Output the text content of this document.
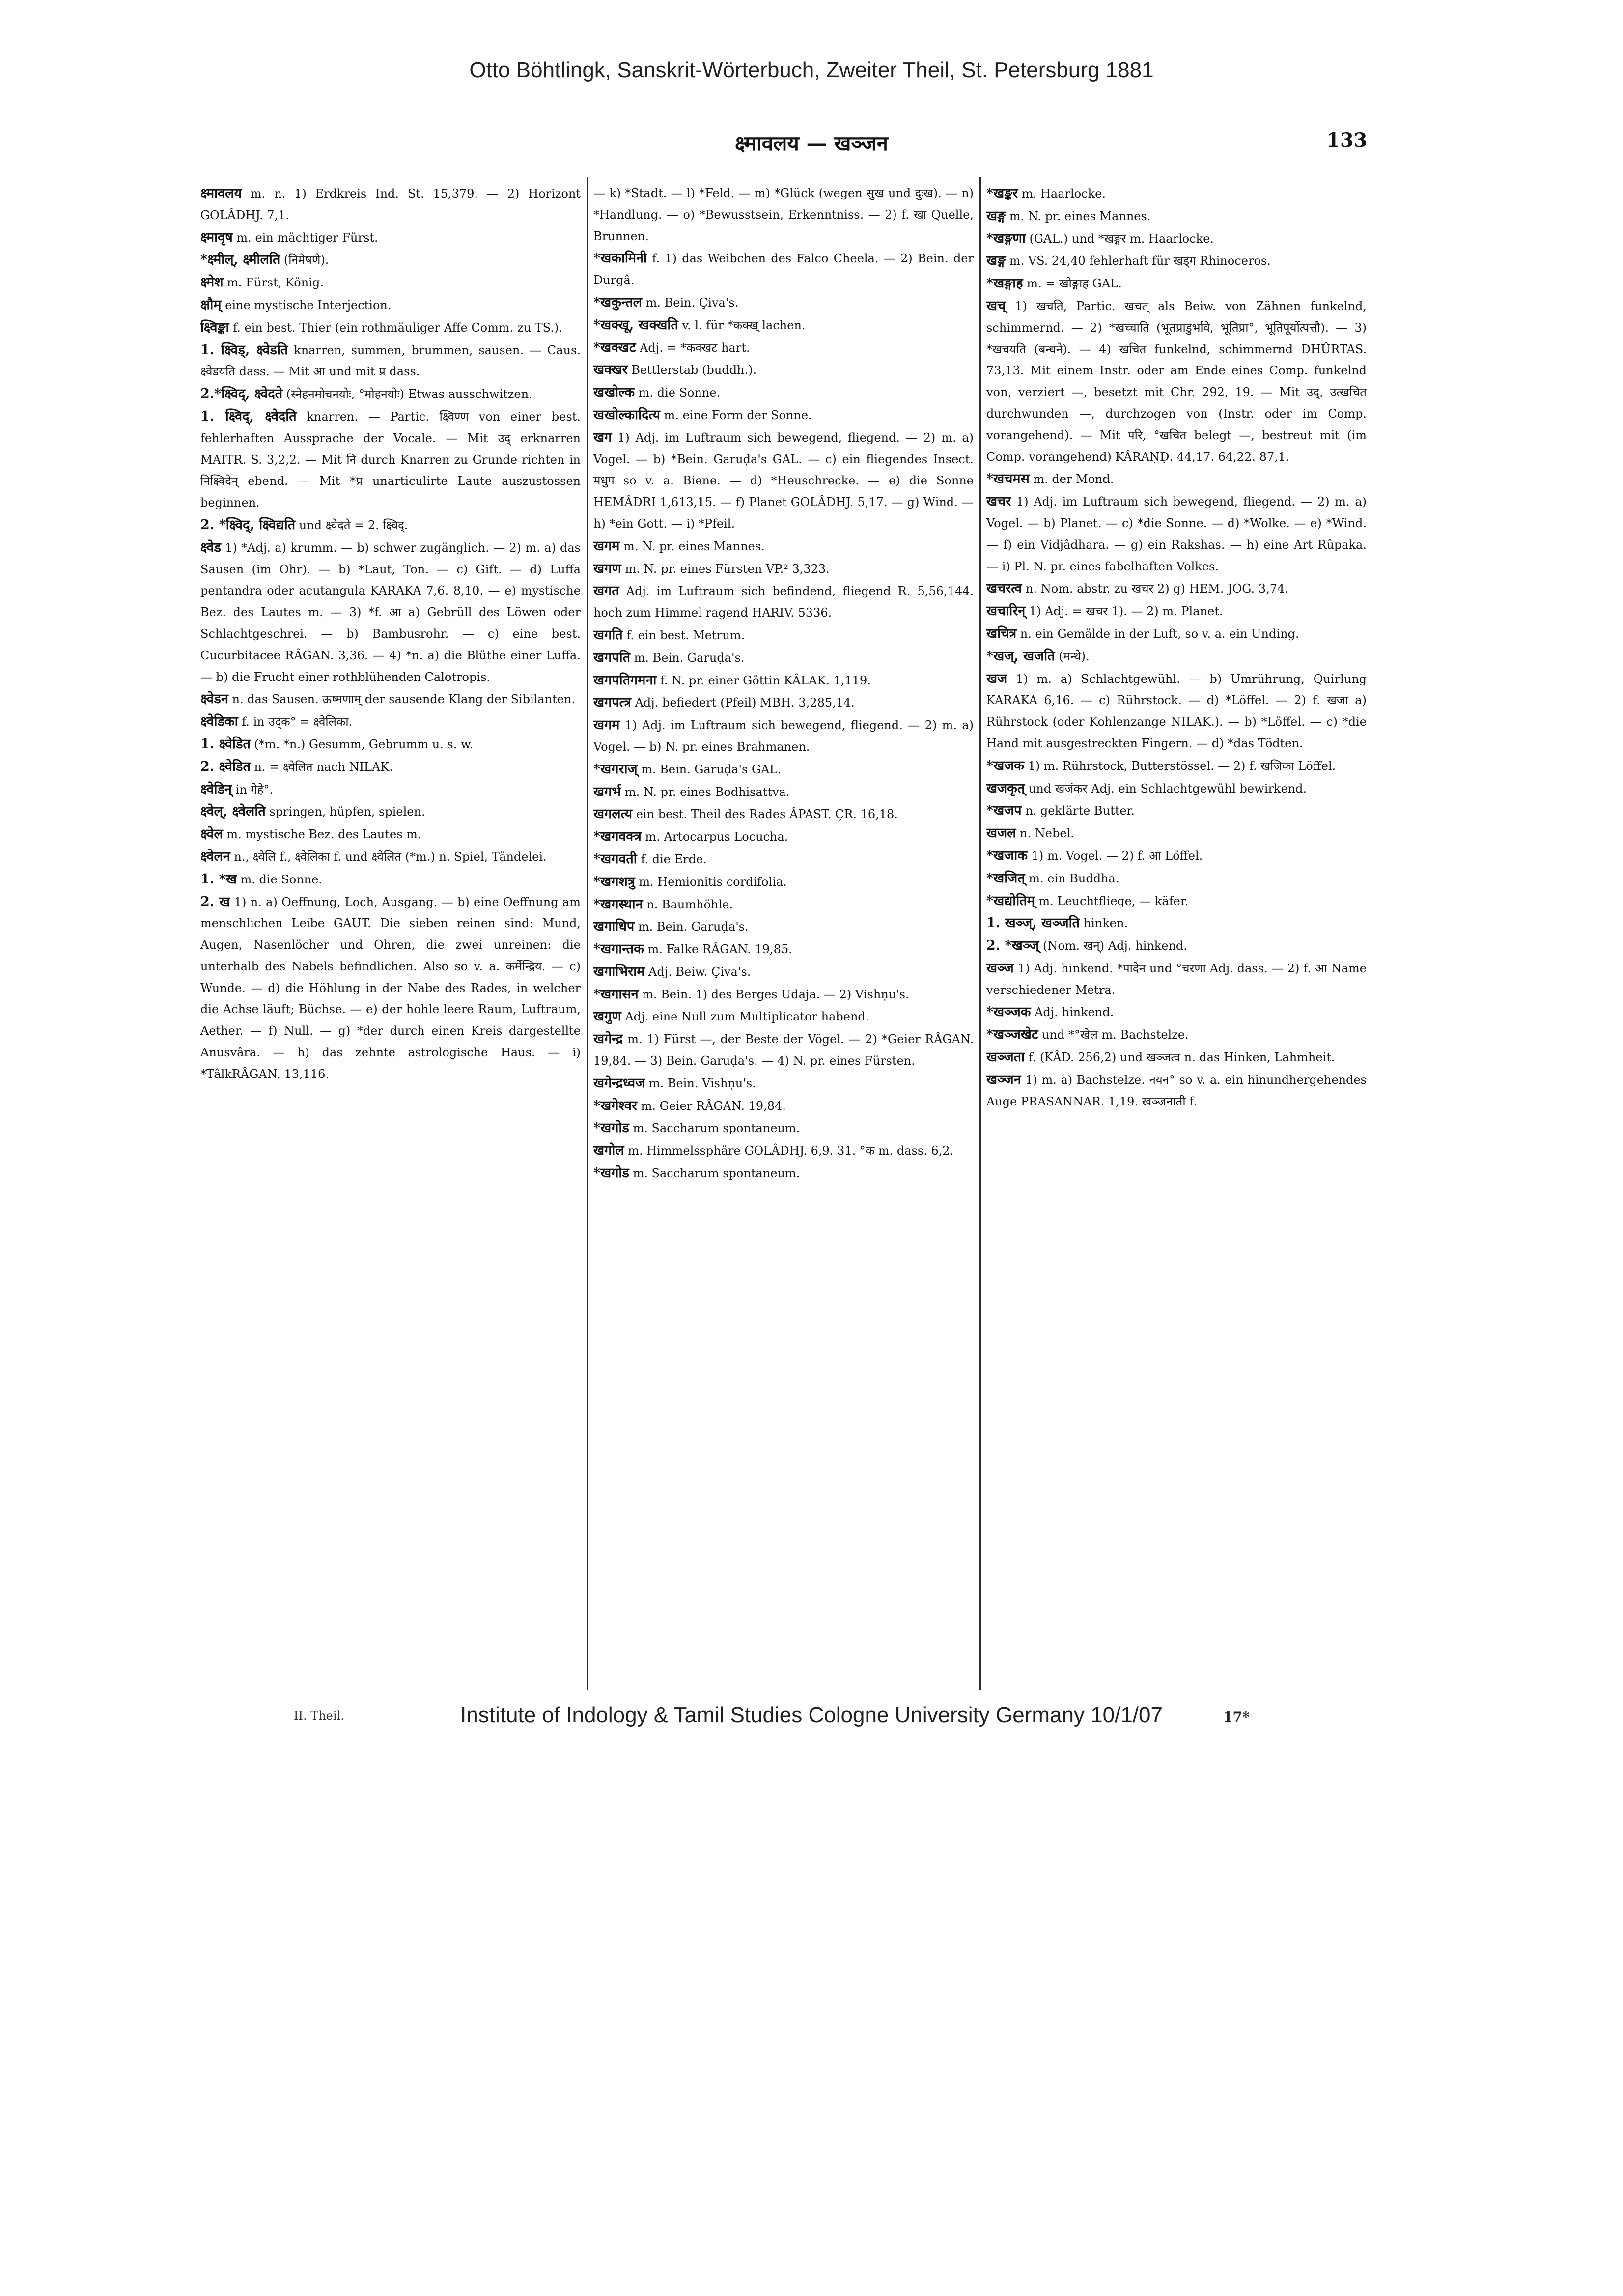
Otto Böhtlingk, Sanskrit-Wörterbuch, Zweiter Theil, St. Petersburg 1881
क्ष्मावलय — खञ्जन	133

क्ष्मावलय m. n. 1) Erdkreis Ind. St. 15,379. — 2) Horizont GOLÂDHJ. 7,1.

क्ष्मावृष m. ein mächtiger Fürst.

*क्ष्मील्, क्ष्मीलति (निमेषणे).

क्ष्मेश m. Fürst, König.

क्षौम् eine mystische Interjection.

क्ष्विङ्का f. ein best. Thier (ein rothmäuliger Affe Comm. zu TS.).

1. क्ष्विड्, क्ष्वेडति knarren, summen, brummen, sausen. — Caus. क्ष्वेडयति dass. — Mit आ und mit प्र dass.

2.*क्ष्विद्, क्ष्वेदते (स्नेहनमोचनयोः, °मोहनयोः) Etwas ausschwitzen.

1. क्ष्विद्, क्ष्वेदति knarren. — Partic. क्ष्विण्ण von einer best. fehlerhaften Aussprache der Vocale. — Mit उद् erknarren MAITR. S. 3,2,2. — Mit नि durch Knarren zu Grunde richten in निक्ष्विदेन् ebend. — Mit *प्र unarticulirte Laute auszustossen beginnen.

2. *क्ष्विद्, क्ष्विद्यति und क्ष्वेदते = 2. क्ष्विद्.

क्ष्वेड 1) *Adj. a) krumm. — b) schwer zugänglich. — 2) m. a) das Sausen (im Ohr). — b) *Laut, Ton. — c) Gift. — d) Luffa pentandra oder acutangula KARAKA 7,6. 8,10. — e) mystische Bez. des Lautes m. — 3) *f. आ a) Gebrüll des Löwen oder Schlachtgeschrei. — b) Bambusrohr. — c) eine best. Cucurbitacee RÂGAN. 3,36. — 4) *n. a) die Blüthe einer Luffa. — b) die Frucht einer rothblühenden Calotropis.

क्ष्वेडन n. das Sausen. ऊष्मणाम् der sausende Klang der Sibilanten.

क्ष्वेडिका f. in उद्क° = क्ष्वेलिका.

1. क्ष्वेडित (*m. *n.) Gesumm, Gebrumm u. s. w.

2. क्ष्वेडित n. = क्ष्वेलित nach NILAK.

क्ष्वेडिन् in गेहे°.

क्ष्वेल्, क्ष्वेलति springen, hüpfen, spielen.

क्ष्वेल m. mystische Bez. des Lautes m.

क्ष्वेलन n., क्ष्वेलि f., क्ष्वेलिका f. und क्ष्वेलित (*m.) n. Spiel, Tändelei.

1. *ख m. die Sonne.

2. ख 1) n. a) Oeffnung, Loch, Ausgang. — b) eine Oeffnung am menschlichen Leibe GAUT. Die sieben reinen sind: Mund, Augen, Nasenlöcher und Ohren, die zwei unreinen: die unterhalb des Nabels befindlichen. Also so v. a. कर्मेन्द्रिय. — c) Wunde. — d) die Höhlung in der Nabe des Rades, in welcher die Achse läuft; Büchse. — e) der hohle leere Raum, Luftraum, Aether. — f) Null. — g) *der durch einen Kreis dargestellte Anusvâra. — h) das zehnte astrologische Haus. — i) *TâlkRÂGAN. 13,116.

— k) *Stadt. — l) *Feld. — m) *Glück (wegen सुख und दुःख). — n) *Handlung. — o) *Bewusstsein, Erkenntniss. — 2) f. खा Quelle, Brunnen.

*खकामिनी f. 1) das Weibchen des Falco Cheela. — 2) Bein. der Durgâ.

*खकुन्तल m. Bein. Çiva's.

*खक्खू, खक्खति v. l. für *कक्ख् lachen.

*खक्खट Adj. = *कक्खट hart.

खक्खर Bettlerstab (buddh.).

खखोल्क m. die Sonne.

खखोल्कादित्य m. eine Form der Sonne.

खग 1) Adj. im Luftraum sich bewegend, fliegend. — 2) m. a) Vogel. — b) *Bein. Garuḍa's GAL. — c) ein fliegendes Insect. मधुप so v. a. Biene. — d) *Heuschrecke. — e) die Sonne HEMÂDRI 1,613,15. — f) Planet GOLÂDHJ. 5,17. — g) Wind. — h) *ein Gott. — i) *Pfeil.

खगम m. N. pr. eines Mannes.

खगण m. N. pr. eines Fürsten VP.² 3,323.

खगत Adj. im Luftraum sich befindend, fliegend R. 5,56,144. hoch zum Himmel ragend HARIV. 5336.

खगति f. ein best. Metrum.

खगपति m. Bein. Garuḍa's.

खगपतिगमना f. N. pr. einer Göttin KÂLAK. 1,119.

खगपत्त्र Adj. befiedert (Pfeil) MBH. 3,285,14.

खगम 1) Adj. im Luftraum sich bewegend, fliegend. — 2) m. a) Vogel. — b) N. pr. eines Brahmanen.

*खगराज् m. Bein. Garuḍa's GAL.

खगर्भ m. N. pr. eines Bodhisattva.

खगलत्य ein best. Theil des Rades ÂPAST. ÇR. 16,18.

*खगवक्त्र m. Artocarpus Locucha.

*खगवती f. die Erde.

*खगशत्रु m. Hemionitis cordifolia.

*खगस्थान n. Baumhöhle.

खगाधिप m. Bein. Garuḍa's.

*खगान्तक m. Falke RÂGAN. 19,85.

खगाभिराम Adj. Beiw. Çiva's.

*खगासन m. Bein. 1) des Berges Udaja. — 2) Vishṇu's.

खगुण Adj. eine Null zum Multiplicator habend.

खगेन्द्र m. 1) Fürst —, der Beste der Vögel. — 2) *Geier RÂGAN. 19,84. — 3) Bein. Garuḍa's. — 4) N. pr. eines Fürsten.

खगेन्द्रध्वज m. Bein. Vishṇu's.

*खगेश्वर m. Geier RÂGAN. 19,84.

*खगोड m. Saccharum spontaneum.

खगोल m. Himmelssphäre GOLÂDHJ. 6,9. 31. °क m. dass. 6,2.

*खगोड m. Saccharum spontaneum.

*खङ्कर m. Haarlocke.

खङ्ग m. N. pr. eines Mannes.

*खङ्गणा (GAL.) und *खङ्गर m. Haarlocke.

खङ्ग m. VS. 24,40 fehlerhaft für खड्ग Rhinoceros.

*खङ्गाह m. = खोङ्गाह GAL.

खच् 1) खचति, Partic. खचत् als Beiw. von Zähnen funkelnd, schimmernd. — 2) *खच्चाति (भूतप्राडुर्भावे, भूतिप्रा°, भूतिपूर्योत्पत्तौ). — 3) *खचयति (बन्धने). — 4) खचित funkelnd, schimmernd DHÛRTAS. 73,13. Mit einem Instr. oder am Ende eines Comp. funkelnd von, verziert —, besetzt mit Chr. 292, 19. — Mit उद्, उत्खचित durchwunden —, durchzogen von (Instr. oder im Comp. vorangehend). — Mit परि, °खचित belegt —, bestreut mit (im Comp. vorangehend) KÂRAṆḌ. 44,17. 64,22. 87,1.

*खचमस m. der Mond.

खचर 1) Adj. im Luftraum sich bewegend, fliegend. — 2) m. a) Vogel. — b) Planet. — c) *die Sonne. — d) *Wolke. — e) *Wind. — f) ein Vidjâdhara. — g) ein Rakshas. — h) eine Art Rûpaka. — i) Pl. N. pr. eines fabelhaften Volkes.

खचरत्व n. Nom. abstr. zu खचर 2) g) HEM. JOG. 3,74.

खचारिन् 1) Adj. = खचर 1). — 2) m. Planet.

खचित्र n. ein Gemälde in der Luft, so v. a. ein Unding.

*खज्, खजति (मन्थे).

खज 1) m. a) Schlachtgewühl. — b) Umrührung, Quirlung KARAKA 6,16. — c) Rührstock. — d) *Löffel. — 2) f. खजा a) Rührstock (oder Kohlenzange NILAK.). — b) *Löffel. — c) *die Hand mit ausgestreckten Fingern. — d) *das Tödten.

*खजक 1) m. Rührstock, Butterstössel. — 2) f. खजिका Löffel.

खजकृत् und खजंकर Adj. ein Schlachtgewühl bewirkend.

*खजप n. geklärte Butter.

खजल n. Nebel.

*खजाक 1) m. Vogel. — 2) f. आ Löffel.

*खजित् m. ein Buddha.

*खद्योतिम् m. Leuchtfliege, — käfer.

1. खञ्ज्, खञ्जति hinken.

2. *खञ्ज् (Nom. खन्) Adj. hinkend.

खञ्ज 1) Adj. hinkend. *पादेन und °चरणा Adj. dass. — 2) f. आ Name verschiedener Metra.

*खञ्जक Adj. hinkend.

*खञ्जखेट und *°खेल m. Bachstelze.

खञ्जता f. (KÂD. 256,2) und खञ्जत्व n. das Hinken, Lahmheit.

खञ्जन 1) m. a) Bachstelze. नयन° so v. a. ein hinundhergehendes Auge PRASANNAR. 1,19. खञ्जनाती f.

II. Theil.	Institute of Indology & Tamil Studies Cologne University Germany 10/1/07	17*
